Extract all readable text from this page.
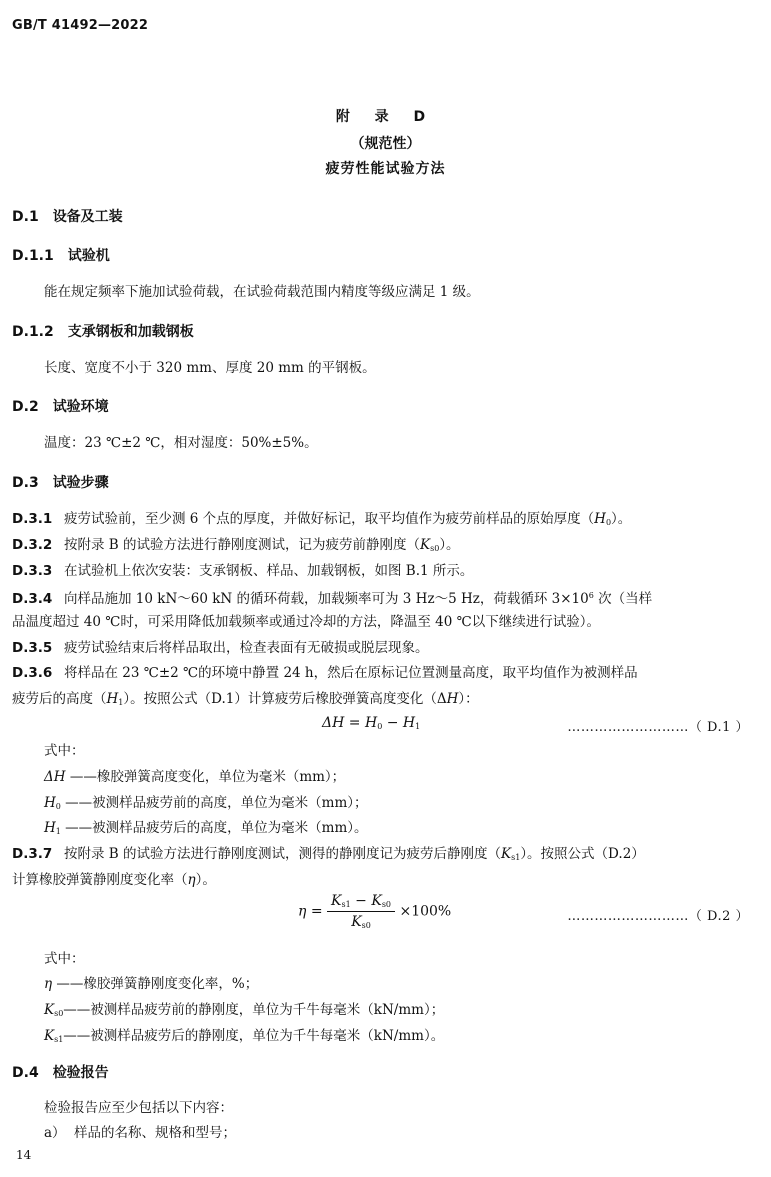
GB/T 41492—2022
附 录 D
（规范性）
疲劳性能试验方法
D.1 设备及工装
D.1.1 试验机
能在规定频率下施加试验荷载，在试验荷载范围内精度等级应满足 1 级。
D.1.2 支承钢板和加载钢板
长度、宽度不小于 320 mm、厚度 20 mm 的平钢板。
D.2 试验环境
温度：23 ℃±2 ℃，相对湿度：50%±5%。
D.3 试验步骤
D.3.1 疲劳试验前，至少测 6 个点的厚度，并做好标记，取平均值作为疲劳前样品的原始厚度$(H_0)$。
D.3.2 按附录 B 的试验方法进行静刚度测试，记为疲劳前静刚度$(K_{s0})$。
D.3.3 在试验机上依次安装：支承钢板、样品、加载钢板，如图 B.1 所示。
D.3.4 向样品施加 10 kN～60 kN 的循环荷载，加载频率可为 3 Hz～5 Hz，荷载循环 $3\times 10^6$ 次（当样
品温度超过 40 ℃时，可采用降低加载频率或通过冷却的方法，降温至 40 ℃以下继续进行试验）。
D.3.5 疲劳试验结束后将样品取出，检查表面有无破损或脱层现象。
D.3.6 将样品在 23 ℃±2 ℃的环境中静置 24 h，然后在原标记位置测量高度，取平均值作为被测样品
疲劳后的高度$(H_1)$。按照公式（D.1）计算疲劳后橡胶弹簧高度变化（ΔH）：
$\Delta H = H_0 - H_1$	………………………（ D.1 ）
式中：
ΔH ——橡胶弹簧高度变化，单位为毫米（mm）；
$H_0$ ——被测样品疲劳前的高度，单位为毫米（mm）；
$H_1$ ——被测样品疲劳后的高度，单位为毫米（mm）。
D.3.7 按附录 B 的试验方法进行静刚度测试，测得的静刚度记为疲劳后静刚度$(K_{s1})$。按照公式（D.2）
计算橡胶弹簧静刚度变化率（η）。
$\eta = \frac{K_{s1} - K_{s0}}{K_{s0}} \times 100\%$	………………………（ D.2 ）
式中：
η ——橡胶弹簧静刚度变化率，%；
$K_{s0}——$被测样品疲劳前的静刚度，单位为千牛每毫米（kN/mm）；
$K_{s1}——$被测样品疲劳后的静刚度，单位为千牛每毫米（kN/mm）。
D.4 检验报告
检验报告应至少包括以下内容：
a） 样品的名称、规格和型号；
14
